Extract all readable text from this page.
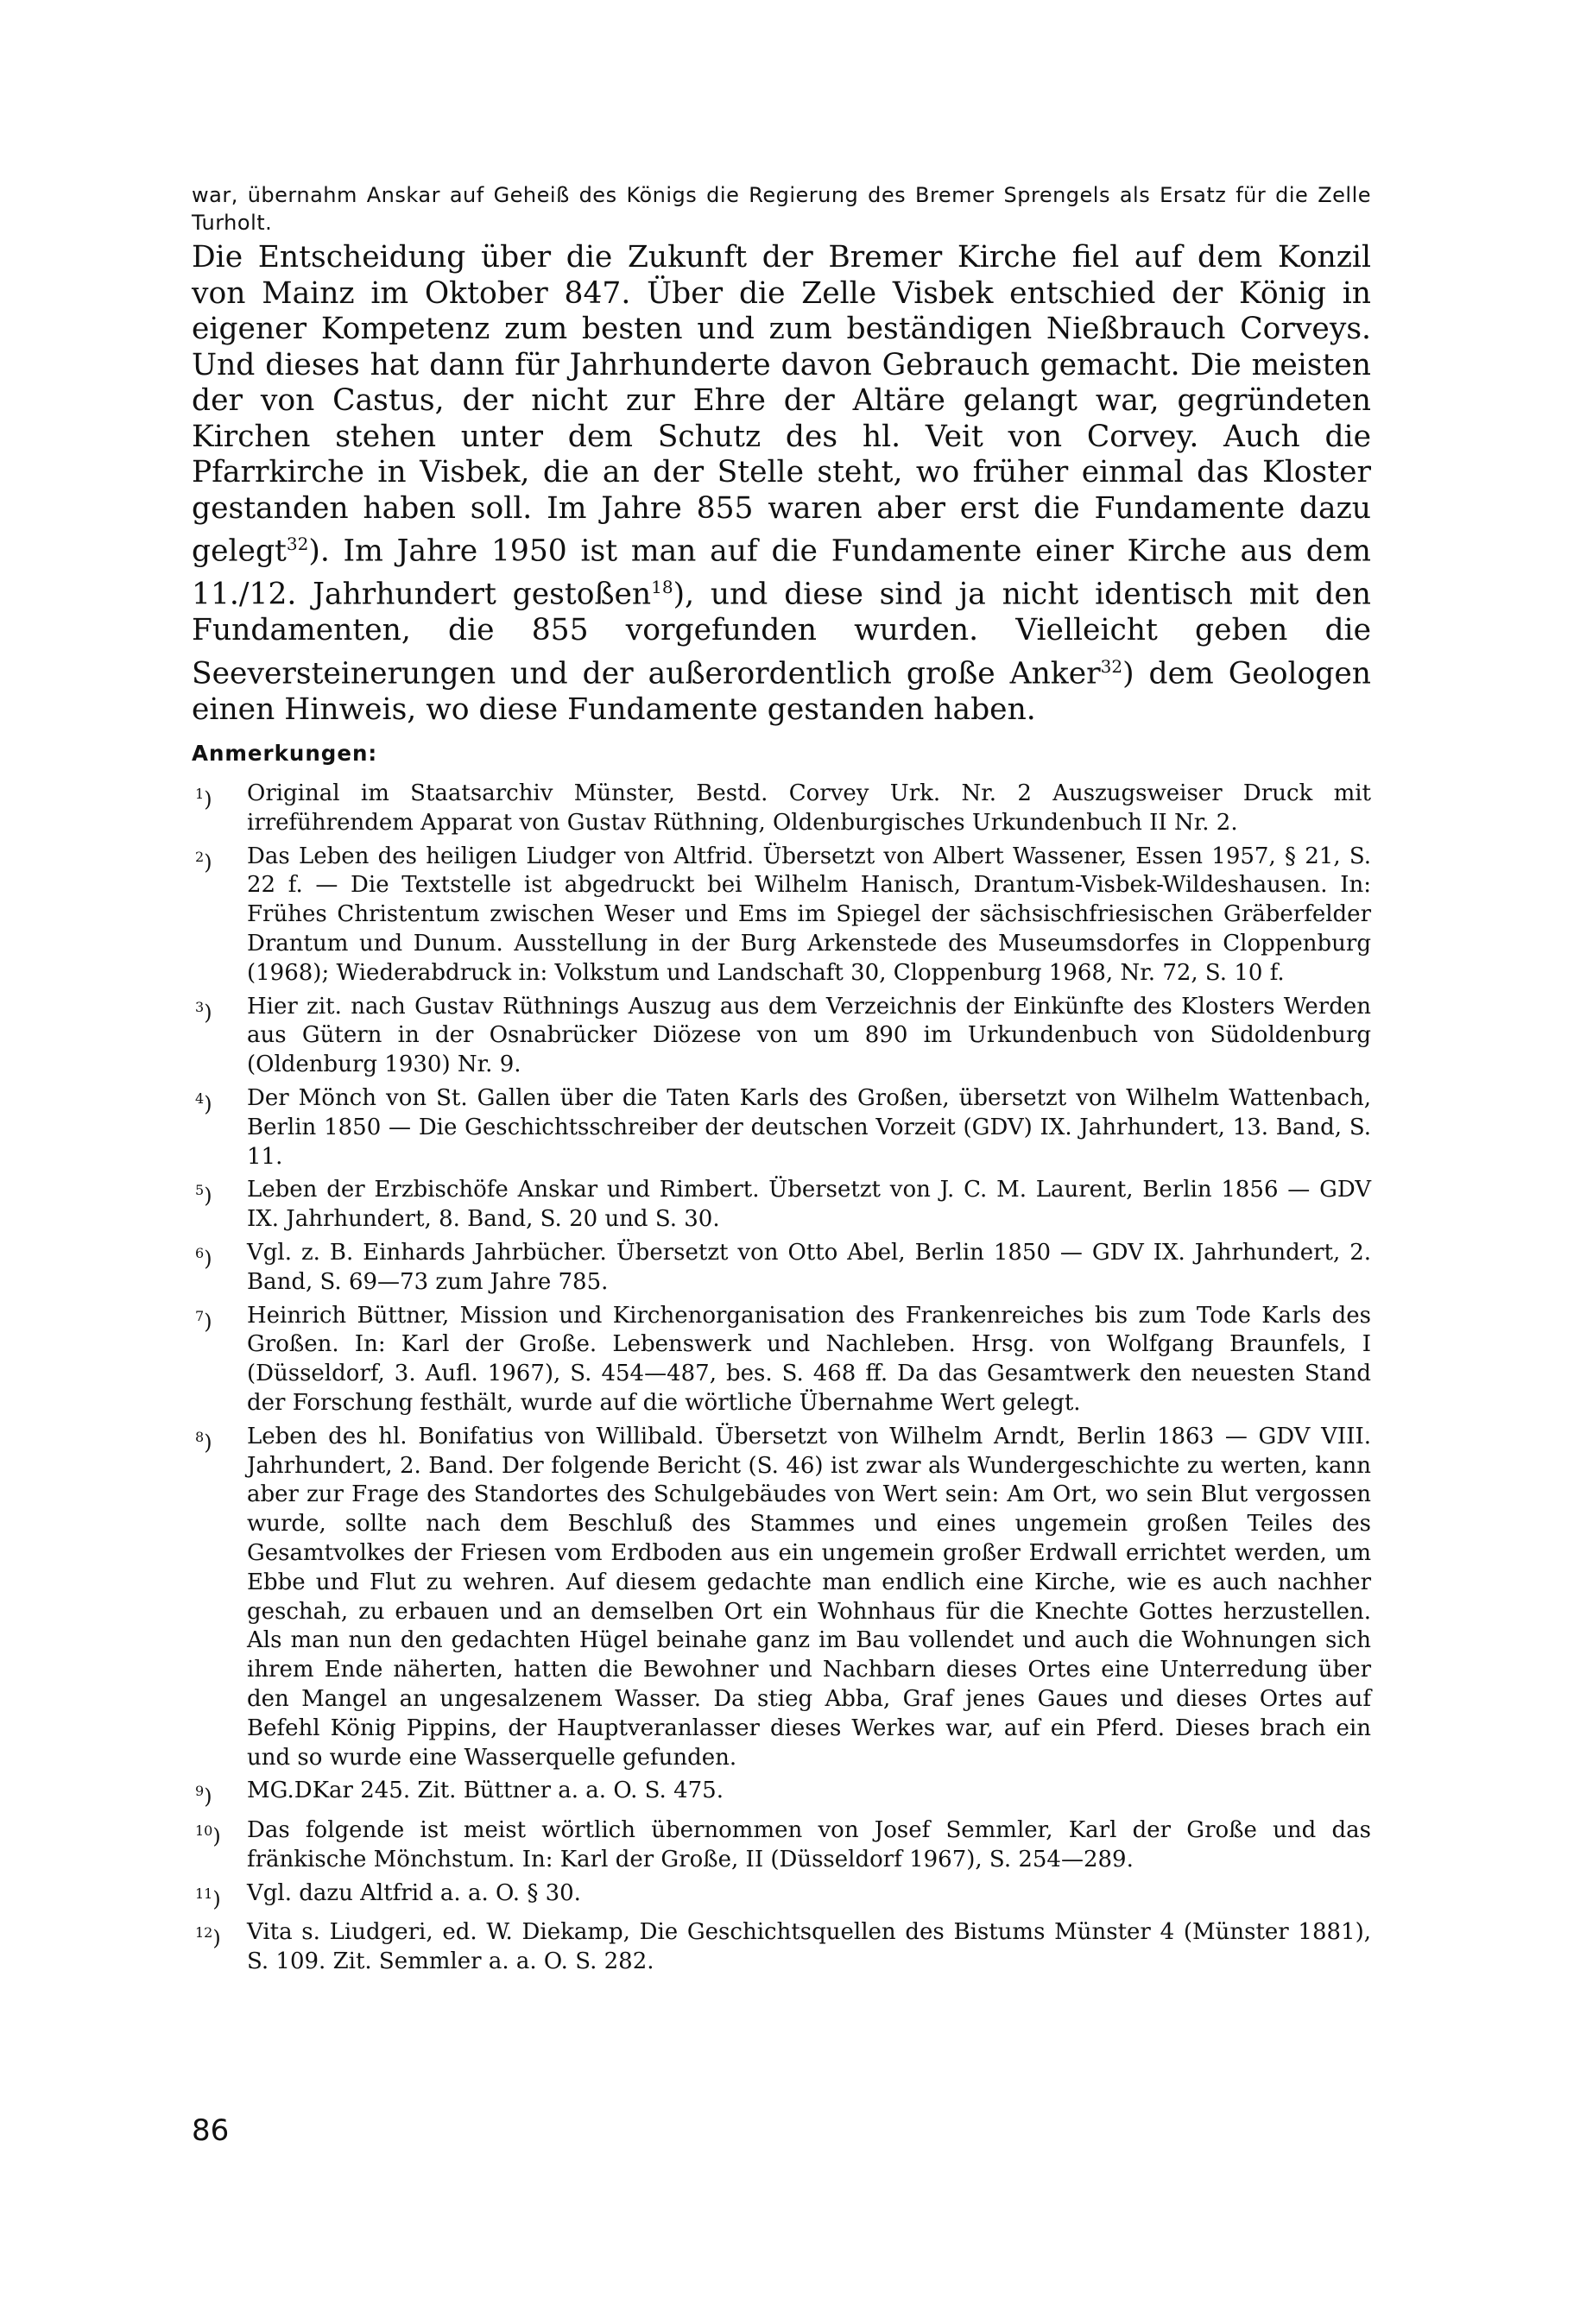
war, übernahm Anskar auf Geheiß des Königs die Regierung des Bremer Sprengels als Ersatz für die Zelle Turholt.

Die Entscheidung über die Zukunft der Bremer Kirche fiel auf dem Konzil von Mainz im Oktober 847. Über die Zelle Visbek entschied der König in eigener Kompetenz zum besten und zum beständigen Nießbrauch Corveys. Und dieses hat dann für Jahrhunderte davon Gebrauch gemacht. Die meisten der von Castus, der nicht zur Ehre der Altäre gelangt war, gegründeten Kirchen stehen unter dem Schutz des hl. Veit von Corvey. Auch die Pfarrkirche in Visbek, die an der Stelle steht, wo früher einmal das Kloster gestanden haben soll. Im Jahre 855 waren aber erst die Fundamente dazu gelegt$^{32}$). Im Jahre 1950 ist man auf die Fundamente einer Kirche aus dem 11./12. Jahrhundert gestoßen$^{18}$), und diese sind ja nicht identisch mit den Fundamenten, die 855 vorgefunden wurden. Vielleicht geben die Seeversteinerungen und der außerordentlich große Anker$^{32}$) dem Geologen einen Hinweis, wo diese Fundamente gestanden haben.

Anmerkungen:
$^1$)	Original im Staatsarchiv Münster, Bestd. Corvey Urk. Nr. 2 Auszugsweiser Druck mit irreführendem Apparat von Gustav Rüthning, Oldenburgisches Urkundenbuch II Nr. 2.
$^2$)	Das Leben des heiligen Liudger von Altfrid. Übersetzt von Albert Wassener, Essen 1957, § 21, S. 22 f. — Die Textstelle ist abgedruckt bei Wilhelm Hanisch, Drantum-Visbek-Wildeshausen. In: Frühes Christentum zwischen Weser und Ems im Spiegel der sächsischfriesischen Gräberfelder Drantum und Dunum. Ausstellung in der Burg Arkenstede des Museumsdorfes in Cloppenburg (1968); Wiederabdruck in: Volkstum und Landschaft 30, Cloppenburg 1968, Nr. 72, S. 10 f.
$^3$)	Hier zit. nach Gustav Rüthnings Auszug aus dem Verzeichnis der Einkünfte des Klosters Werden aus Gütern in der Osnabrücker Diözese von um 890 im Urkundenbuch von Südoldenburg (Oldenburg 1930) Nr. 9.
$^4$)	Der Mönch von St. Gallen über die Taten Karls des Großen, übersetzt von Wilhelm Wattenbach, Berlin 1850 — Die Geschichtsschreiber der deutschen Vorzeit (GDV) IX. Jahrhundert, 13. Band, S. 11.
$^5$)	Leben der Erzbischöfe Anskar und Rimbert. Übersetzt von J. C. M. Laurent, Berlin 1856 — GDV IX. Jahrhundert, 8. Band, S. 20 und S. 30.
$^6$)	Vgl. z. B. Einhards Jahrbücher. Übersetzt von Otto Abel, Berlin 1850 — GDV IX. Jahrhundert, 2. Band, S. 69—73 zum Jahre 785.
$^7$)	Heinrich Büttner, Mission und Kirchenorganisation des Frankenreiches bis zum Tode Karls des Großen. In: Karl der Große. Lebenswerk und Nachleben. Hrsg. von Wolfgang Braunfels, I (Düsseldorf, 3. Aufl. 1967), S. 454—487, bes. S. 468 ff. Da das Gesamtwerk den neuesten Stand der Forschung festhält, wurde auf die wörtliche Übernahme Wert gelegt.
$^8$)	Leben des hl. Bonifatius von Willibald. Übersetzt von Wilhelm Arndt, Berlin 1863 — GDV VIII. Jahrhundert, 2. Band. Der folgende Bericht (S. 46) ist zwar als Wundergeschichte zu werten, kann aber zur Frage des Standortes des Schulgebäudes von Wert sein: Am Ort, wo sein Blut vergossen wurde, sollte nach dem Beschluß des Stammes und eines ungemein großen Teiles des Gesamtvolkes der Friesen vom Erdboden aus ein ungemein großer Erdwall errichtet werden, um Ebbe und Flut zu wehren. Auf diesem gedachte man endlich eine Kirche, wie es auch nachher geschah, zu erbauen und an demselben Ort ein Wohnhaus für die Knechte Gottes herzustellen. Als man nun den gedachten Hügel beinahe ganz im Bau vollendet und auch die Wohnungen sich ihrem Ende näherten, hatten die Bewohner und Nachbarn dieses Ortes eine Unterredung über den Mangel an ungesalzenem Wasser. Da stieg Abba, Graf jenes Gaues und dieses Ortes auf Befehl König Pippins, der Hauptveranlasser dieses Werkes war, auf ein Pferd. Dieses brach ein und so wurde eine Wasserquelle gefunden.
$^9$)	MG.DKar 245. Zit. Büttner a. a. O. S. 475.
$^{10}$)	Das folgende ist meist wörtlich übernommen von Josef Semmler, Karl der Große und das fränkische Mönchstum. In: Karl der Große, II (Düsseldorf 1967), S. 254—289.
$^{11}$)	Vgl. dazu Altfrid a. a. O. § 30.
$^{12}$)	Vita s. Liudgeri, ed. W. Diekamp, Die Geschichtsquellen des Bistums Münster 4 (Münster 1881), S. 109. Zit. Semmler a. a. O. S. 282.
86
